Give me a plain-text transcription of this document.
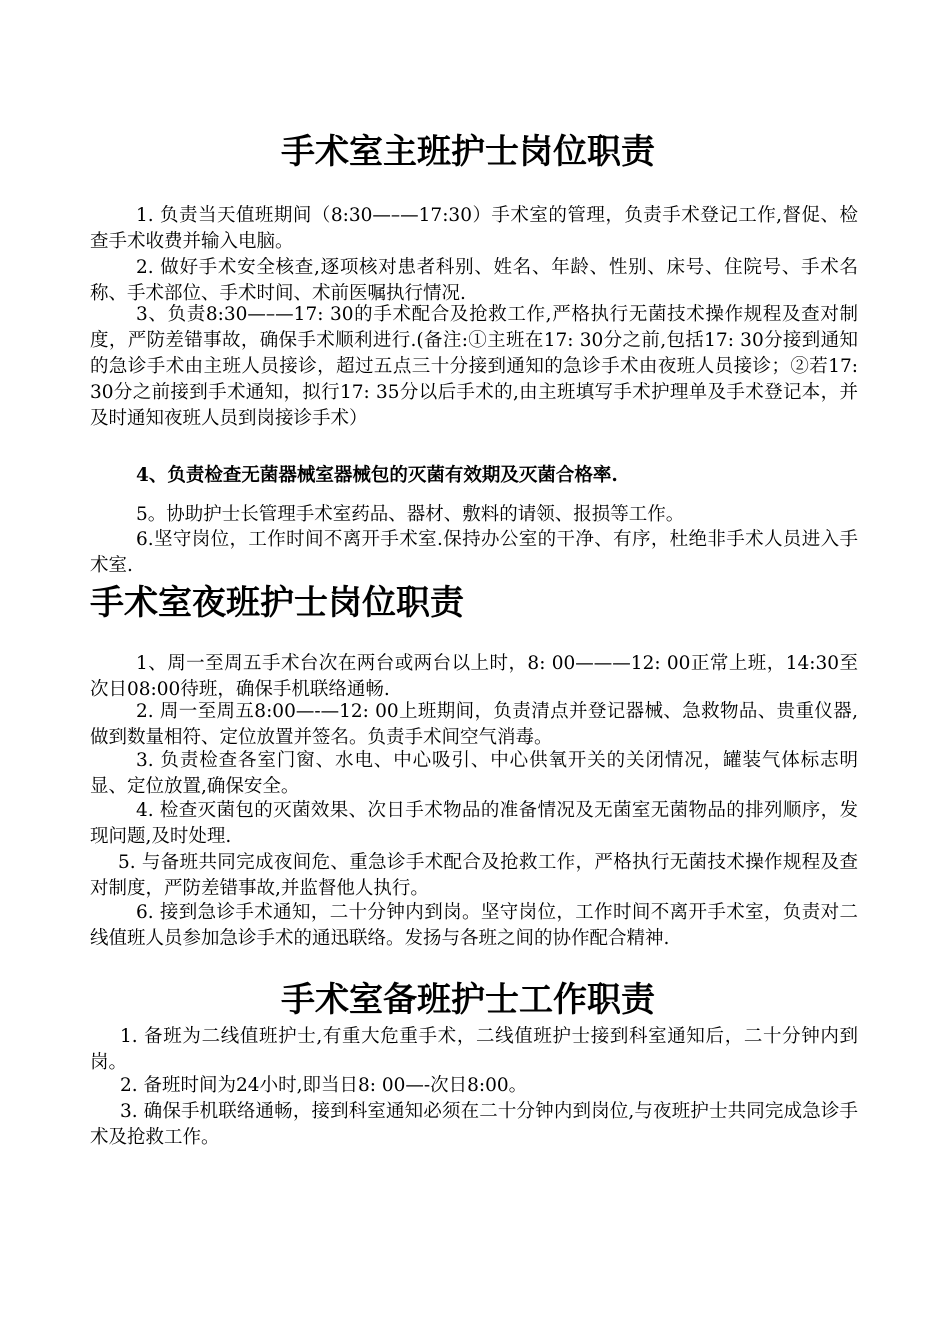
手术室主班护士岗位职责
1. 负责当天值班期间（8:30—–—17:30）手术室的管理，负责手术登记工作,督促、检查手术收费并输入电脑。
2. 做好手术安全核查,逐项核对患者科别、姓名、年龄、性别、床号、住院号、手术名称、手术部位、手术时间、术前医嘱执行情况.
3、负责8:30—–—17: 30的手术配合及抢救工作,严格执行无菌技术操作规程及查对制度，严防差错事故，确保手术顺利进行.(备注:①主班在17: 30分之前,包括17: 30分接到通知的急诊手术由主班人员接诊，超过五点三十分接到通知的急诊手术由夜班人员接诊；②若17: 30分之前接到手术通知，拟行17: 35分以后手术的,由主班填写手术护理单及手术登记本，并及时通知夜班人员到岗接诊手术）
4、负责检查无菌器械室器械包的灭菌有效期及灭菌合格率.
5。协助护士长管理手术室药品、器材、敷料的请领、报损等工作。
6.坚守岗位，工作时间不离开手术室.保持办公室的干净、有序，杜绝非手术人员进入手术室.
手术室夜班护士岗位职责
1、周一至周五手术台次在两台或两台以上时，8: 00———12: 00正常上班，14:30至次日08:00待班，确保手机联络通畅.
2. 周一至周五8:00—-—12: 00上班期间，负责清点并登记器械、急救物品、贵重仪器,做到数量相符、定位放置并签名。负责手术间空气消毒。
3. 负责检查各室门窗、水电、中心吸引、中心供氧开关的关闭情况，罐装气体标志明显、定位放置,确保安全。
4. 检查灭菌包的灭菌效果、次日手术物品的准备情况及无菌室无菌物品的排列顺序，发现问题,及时处理.
5. 与备班共同完成夜间危、重急诊手术配合及抢救工作，严格执行无菌技术操作规程及查对制度，严防差错事故,并监督他人执行。
6. 接到急诊手术通知，二十分钟内到岗。坚守岗位，工作时间不离开手术室，负责对二线值班人员参加急诊手术的通迅联络。发扬与各班之间的协作配合精神.
手术室备班护士工作职责
1. 备班为二线值班护士,有重大危重手术，二线值班护士接到科室通知后，二十分钟内到岗。
2. 备班时间为24小时,即当日8: 00—-次日8:00。
3. 确保手机联络通畅，接到科室通知必须在二十分钟内到岗位,与夜班护士共同完成急诊手术及抢救工作。
